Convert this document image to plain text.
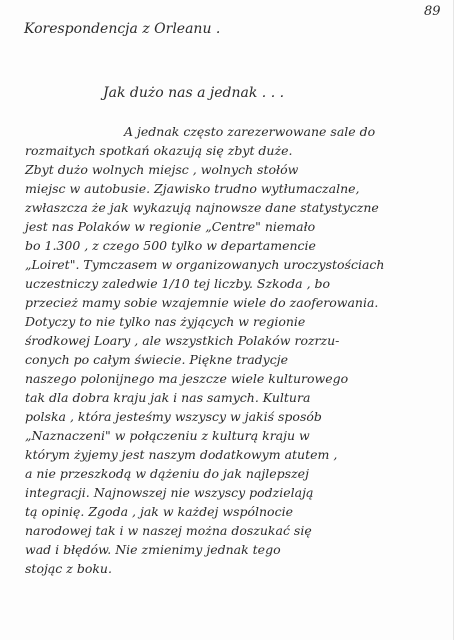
89
Korespondencja z Orleanu .
Jak dużo nas a jednak . . .
A jednak często zarezerwowane sale do
rozmaitych spotkań okazują się zbyt duże.
Zbyt dużo wolnych miejsc , wolnych stołów
miejsc w autobusie. Zjawisko trudno wytłumaczalne,
zwłaszcza że jak wykazują najnowsze dane statystyczne
jest nas Polaków w regionie „Centre" niemało
bo 1.300 , z czego 500 tylko w departamencie
„Loiret". Tymczasem w organizowanych uroczystościach
uczestniczy zaledwie 1/10 tej liczby. Szkoda , bo
przecież mamy sobie wzajemnie wiele do zaoferowania.
Dotyczy to nie tylko nas żyjących w regionie
środkowej Loary , ale wszystkich Polaków rozrzu-
conych po całym świecie. Piękne tradycje
naszego polonijnego ma jeszcze wiele kulturowego
tak dla dobra kraju jak i nas samych. Kultura
polska , która jesteśmy wszyscy w jakiś sposób
„Naznaczeni" w połączeniu z kulturą kraju w
którym żyjemy jest naszym dodatkowym atutem ,
a nie przeszkodą w dążeniu do jak najlepszej
integracji. Najnowszej nie wszyscy podzielają
tą opinię. Zgoda , jak w każdej wspólnocie
narodowej tak i w naszej można doszukać się
wad i błędów. Nie zmienimy jednak tego
stojąc z boku.
